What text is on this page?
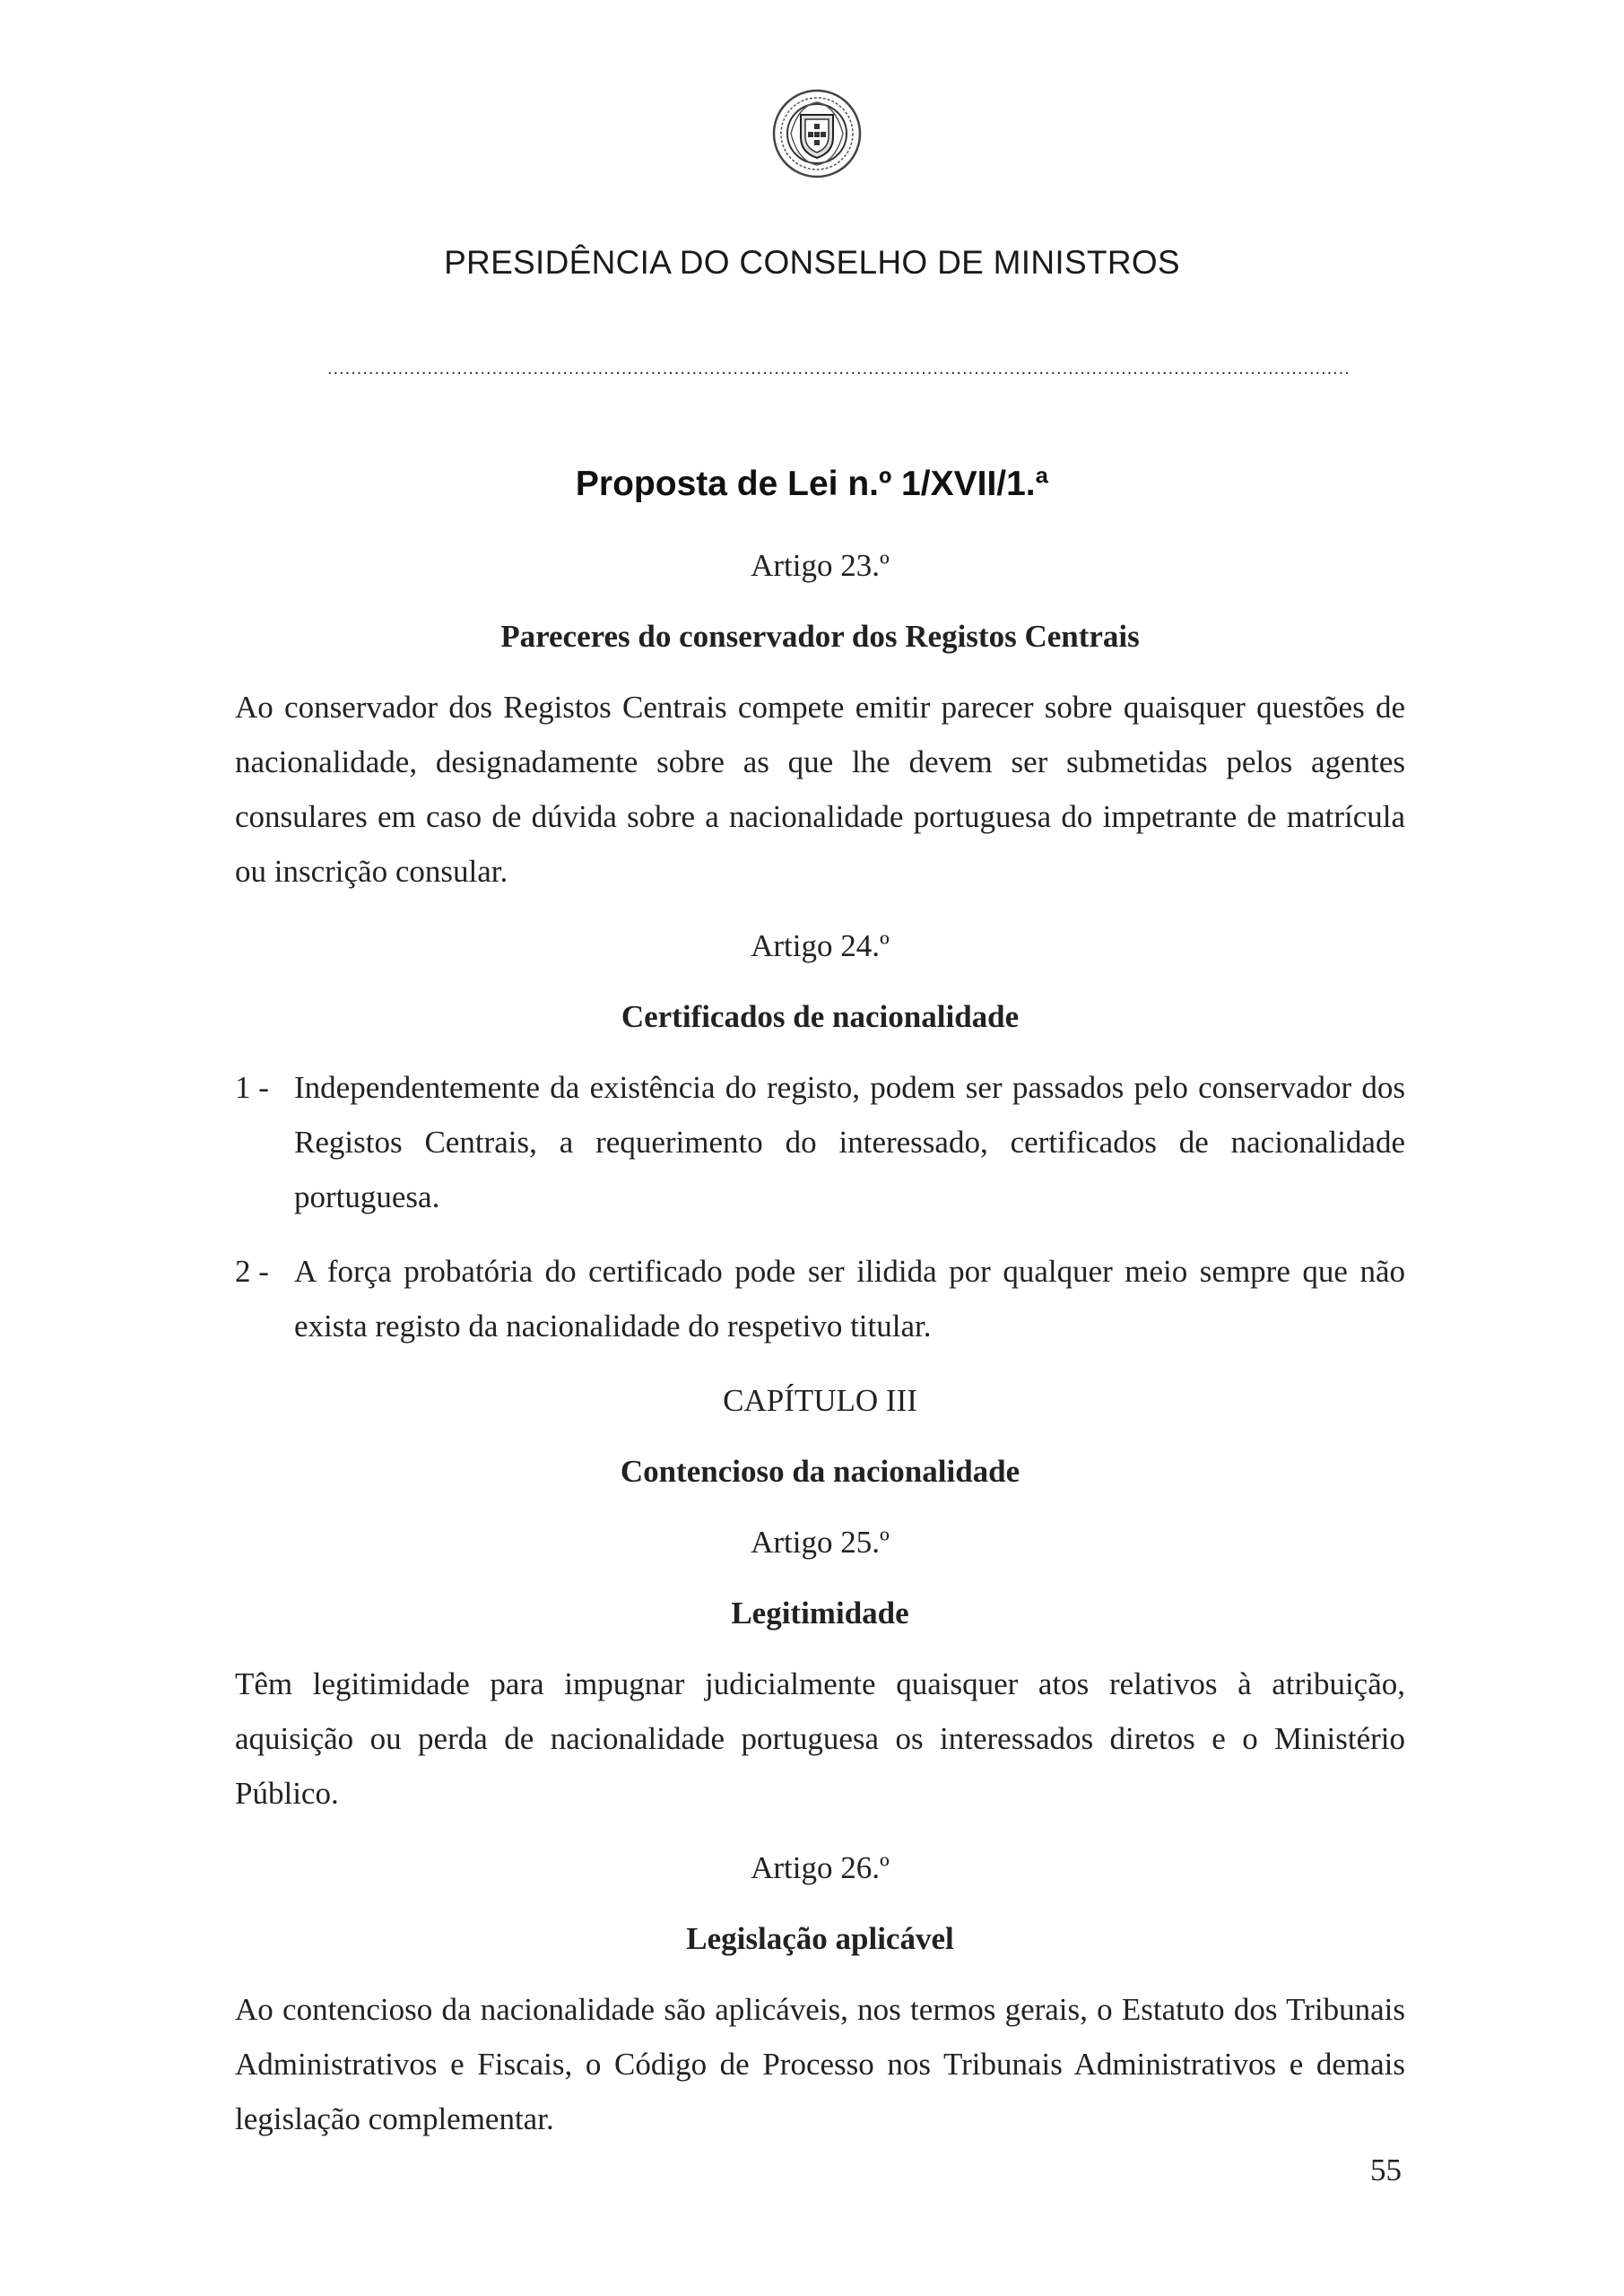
PRESIDÊNCIA DO CONSELHO DE MINISTROS
..............................................................................................................................................................................
Proposta de Lei n.º 1/XVII/1.ª

Artigo 23.º

Pareceres do conservador dos Registos Centrais

Ao conservador dos Registos Centrais compete emitir parecer sobre quaisquer questões de nacionalidade, designadamente sobre as que lhe devem ser submetidas pelos agentes consulares em caso de dúvida sobre a nacionalidade portuguesa do impetrante de matrícula ou inscrição consular.

Artigo 24.º

Certificados de nacionalidade

1 - Independentemente da existência do registo, podem ser passados pelo conservador dos Registos Centrais, a requerimento do interessado, certificados de nacionalidade portuguesa.
2 - A força probatória do certificado pode ser ilidida por qualquer meio sempre que não exista registo da nacionalidade do respetivo titular.

CAPÍTULO III

Contencioso da nacionalidade

Artigo 25.º

Legitimidade

Têm legitimidade para impugnar judicialmente quaisquer atos relativos à atribuição, aquisição ou perda de nacionalidade portuguesa os interessados diretos e o Ministério Público.

Artigo 26.º

Legislação aplicável

Ao contencioso da nacionalidade são aplicáveis, nos termos gerais, o Estatuto dos Tribunais Administrativos e Fiscais, o Código de Processo nos Tribunais Administrativos e demais legislação complementar.

55
